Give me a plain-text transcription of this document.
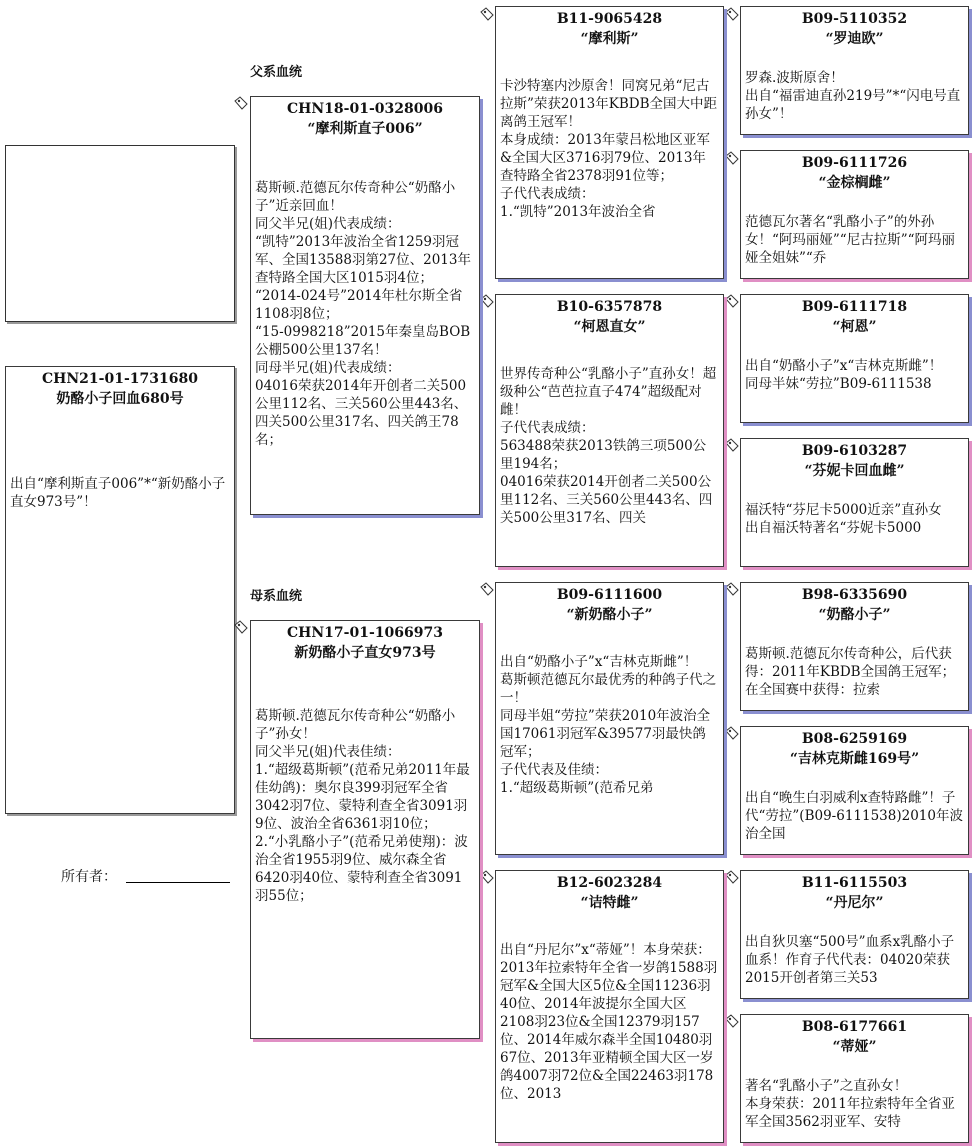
CHN21-01-1731680
奶酪小子回血680号
出自“摩利斯直子006”*“新奶酪小子直女973号”！
所有者：
父系血统
母系血统
CHN18-01-0328006
“摩利斯直子006”
葛斯顿.范德瓦尔传奇种公“奶酪小子”近亲回血！
同父半兄(姐)代表成绩：
“凯特”2013年波治全省1259羽冠军、全国13588羽第27位、2013年查特路全国大区1015羽4位；
“2014-024号”2014年杜尔斯全省1108羽8位；
“15-0998218”2015年秦皇岛BOB公棚500公里137名！
同母半兄(姐)代表成绩：
04016荣获2014年开创者二关500公里112名、三关560公里443名、四关500公里317名、四关鸽王78名；
CHN17-01-1066973
新奶酪小子直女973号
葛斯顿.范德瓦尔传奇种公“奶酪小子”孙女！
同父半兄(姐)代表佳绩：
1.“超级葛斯顿”(范希兄弟2011年最佳幼鸽)：奥尔良399羽冠军全省3042羽7位、蒙特利查全省3091羽9位、波治全省6361羽10位；
2.“小乳酪小子”(范希兄弟使翔)：波治全省1955羽9位、威尔森全省6420羽40位、蒙特利查全省3091羽55位；
B11-9065428
“摩利斯”
卡沙特塞内沙原舍！同窝兄弟“尼古拉斯”荣获2013年KBDB全国大中距离鸽王冠军！
本身成绩：2013年蒙吕松地区亚军&全国大区3716羽79位、2013年查特路全省2378羽91位等；
子代代表成绩：
1.“凯特”2013年波治全省
B10-6357878
“柯恩直女”
世界传奇种公“乳酪小子”直孙女！超级种公“芭芭拉直子474”超级配对雌！
子代代表成绩：
563488荣获2013铁鸽三项500公里194名；
04016荣获2014开创者二关500公里112名、三关560公里443名、四关500公里317名、四关
B09-6111600
“新奶酪小子”
出自“奶酪小子”x“吉林克斯雌”！
葛斯顿范德瓦尔最优秀的种鸽子代之一！
同母半姐“劳拉”荣获2010年波治全国17061羽冠军&39577羽最快鸽冠军；
子代代表及佳绩：
1.“超级葛斯顿”(范希兄弟
B12-6023284
“诘特雌”
出自“丹尼尔”x“蒂娅”！本身荣获：2013年拉索特年全省一岁鸽1588羽冠军&全国大区5位&全国11236羽40位、2014年波提尔全国大区2108羽23位&全国12379羽157位、2014年威尔森半全国10480羽67位、2013年亚精顿全国大区一岁鸽4007羽72位&全国22463羽178位、2013
B09-5110352
“罗迪欧”
罗森.波斯原舍！
出自“福雷迪直孙219号”*“闪电号直孙女”！
B09-6111726
“金棕榈雌”
范德瓦尔著名“乳酪小子”的外孙女！“阿玛丽娅”“尼古拉斯”“阿玛丽娅全姐妹”“乔
B09-6111718
“柯恩”
出自“奶酪小子”x“吉林克斯雌”！
同母半妹“劳拉”B09-6111538
B09-6103287
“芬妮卡回血雌”
福沃特“芬尼卡5000近亲”直孙女
出自福沃特著名“芬妮卡5000
B98-6335690
“奶酪小子”
葛斯顿.范德瓦尔传奇种公，后代获得：2011年KBDB全国鸽王冠军；在全国赛中获得：拉索
B08-6259169
“吉林克斯雌169号”
出自“晚生白羽威利x查特路雌”！子代“劳拉”(B09-6111538)2010年波治全国
B11-6115503
“丹尼尔”
出自狄贝塞“500号”血系x乳酪小子血系！作育子代代表：04020荣获2015开创者第三关53
B08-6177661
“蒂娅”
著名“乳酪小子”之直孙女！
本身荣获：2011年拉索特年全省亚军全国3562羽亚军、安特
